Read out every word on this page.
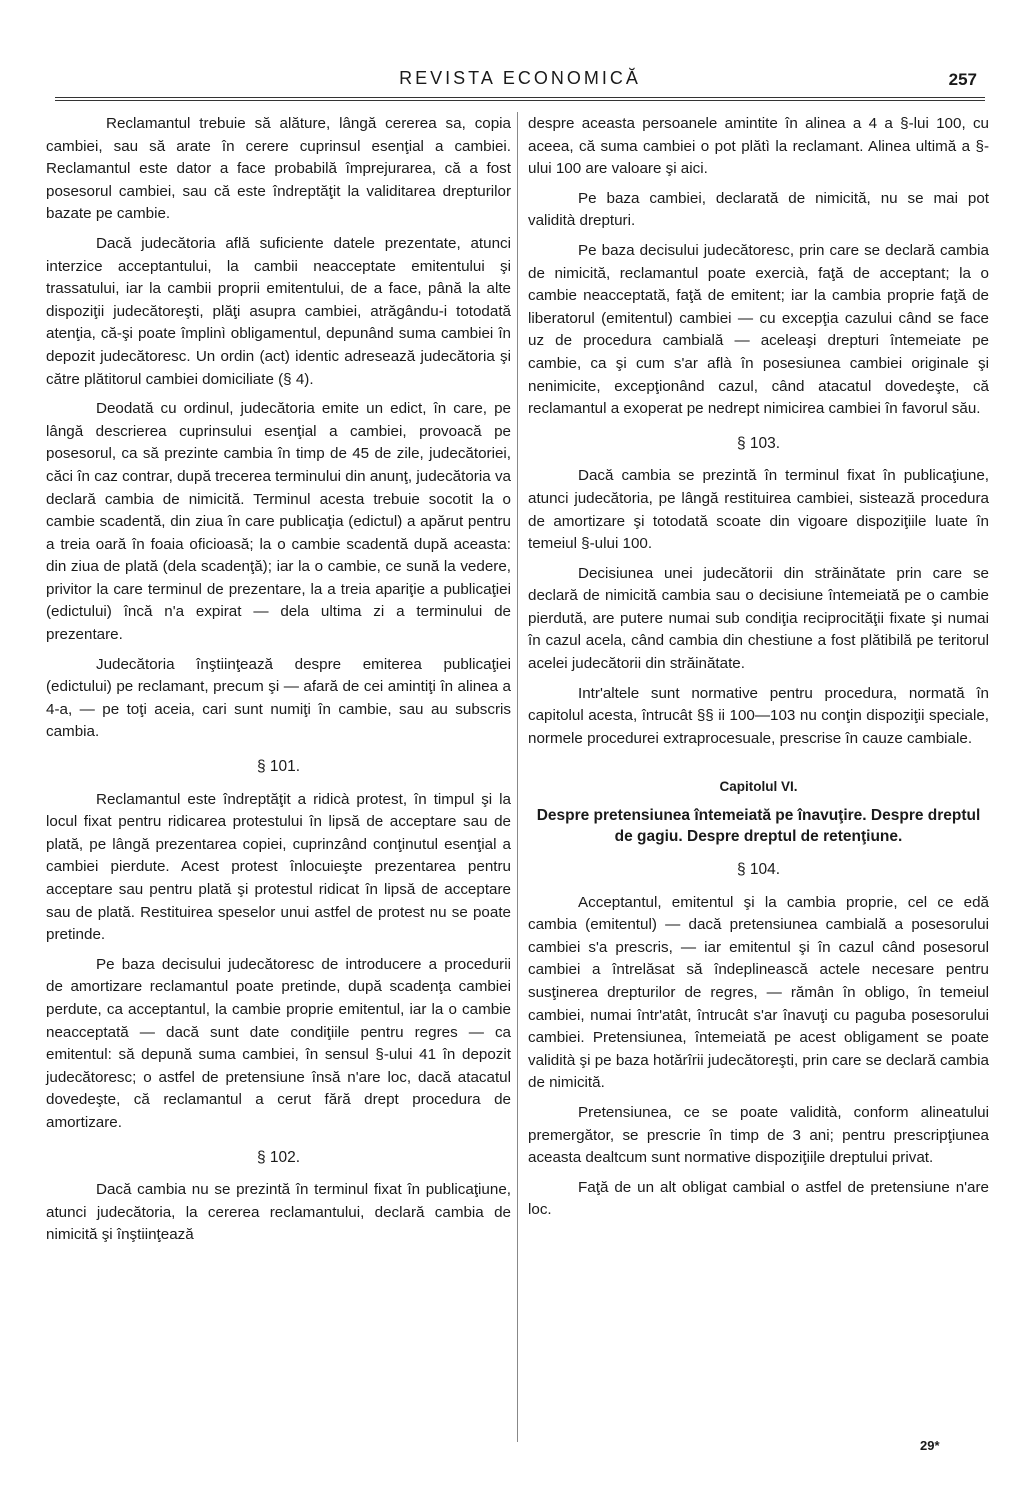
REVISTA ECONOMICĂ	257

Reclamantul trebuie să alăture, lângă cererea sa, copia cambiei, sau să arate în cerere cuprinsul esenţial a cambiei. Reclamantul este dator a face probabilă împrejurarea, că a fost posesorul cambiei, sau că este îndreptăţit la validitarea drepturilor bazate pe cambie.

Dacă judecătoria află suficiente datele prezentate, atunci interzice acceptantului, la cambii neacceptate emitentului şi trassatului, iar la cambii proprii emitentului, de a face, până la alte dispoziţii judecătoreşti, plăţi asupra cambiei, atrăgându-i totodată atenţia, că-şi poate împlinì obligamentul, depunând suma cambiei în depozit judecătoresc. Un ordin (act) identic adresează judecătoria şi către plătitorul cambiei domiciliate (§ 4).

Deodată cu ordinul, judecătoria emite un edict, în care, pe lângă descrierea cuprinsului esenţial a cambiei, provoacă pe posesorul, ca să prezinte cambia în timp de 45 de zile, judecătoriei, căci în caz contrar, după trecerea terminului din anunţ, judecătoria va declară cambia de nimicită. Terminul acesta trebuie socotit la o cambie scadentă, din ziua în care publicaţia (edictul) a apărut pentru a treia oară în foaia oficioasă; la o cambie scadentă după aceasta: din ziua de plată (dela scadenţă); iar la o cambie, ce sună la vedere, privitor la care terminul de prezentare, la a treia apariţie a publicaţiei (edictului) încă n'a expirat — dela ultima zi a terminului de prezentare.

Judecătoria înştiinţează despre emiterea publicaţiei (edictului) pe reclamant, precum şi — afară de cei amintiţi în alinea a 4-a, — pe toţi aceia, cari sunt numiţi în cambie, sau au subscris cambia.

§ 101.

Reclamantul este îndreptăţit a ridicà protest, în timpul şi la locul fixat pentru ridicarea protestului în lipsă de acceptare sau de plată, pe lângă prezentarea copiei, cuprinzând conţinutul esenţial a cambiei pierdute. Acest protest înlocuieşte prezentarea pentru acceptare sau pentru plată şi protestul ridicat în lipsă de acceptare sau de plată. Restituirea speselor unui astfel de protest nu se poate pretinde.

Pe baza decisului judecătoresc de introducere a procedurii de amortizare reclamantul poate pretinde, după scadenţa cambiei perdute, ca acceptantul, la cambie proprie emitentul, iar la o cambie neacceptată — dacă sunt date condiţiile pentru regres — ca emitentul: să depună suma cambiei, în sensul §-ului 41 în depozit judecătoresc; o astfel de pretensiune însă n'are loc, dacă atacatul dovedeşte, că reclamantul a cerut fără drept procedura de amortizare.

§ 102.

Dacă cambia nu se prezintă în terminul fixat în publicaţiune, atunci judecătoria, la cererea reclamantului, declară cambia de nimicită şi înştiinţează

despre aceasta persoanele amintite în alinea a 4 a §-lui 100, cu aceea, că suma cambiei o pot plătì la reclamant. Alinea ultimă a §-ului 100 are valoare şi aici.

Pe baza cambiei, declarată de nimicită, nu se mai pot validità drepturi.

Pe baza decisului judecătoresc, prin care se declară cambia de nimicită, reclamantul poate exercià, faţă de acceptant; la o cambie neacceptată, faţă de emitent; iar la cambia proprie faţă de liberatorul (emitentul) cambiei — cu excepţia cazului când se face uz de procedura cambială — aceleaşi drepturi întemeiate pe cambie, ca şi cum s'ar aflà în posesiunea cambiei originale şi nenimicite, excepţionând cazul, când atacatul dovedeşte, că reclamantul a exoperat pe nedrept nimicirea cambiei în favorul său.

§ 103.

Dacă cambia se prezintă în terminul fixat în publicaţiune, atunci judecătoria, pe lângă restituirea cambiei, sistează procedura de amortizare şi totodată scoate din vigoare dispoziţiile luate în temeiul §-ului 100.

Decisiunea unei judecătorii din străinătate prin care se declară de nimicită cambia sau o decisiune întemeiată pe o cambie pierdută, are putere numai sub condiţia reciprocităţii fixate şi numai în cazul acela, când cambia din chestiune a fost plătibilă pe teritorul acelei judecătorii din străinătate.

Intr'altele sunt normative pentru procedura, normată în capitolul acesta, întrucât §§ ii 100—103 nu conţin dispoziţii speciale, normele procedurei extraprocesuale, prescrise în cauze cambiale.

Capitolul VI.
Despre pretensiunea întemeiată pe înavuţire. Despre dreptul de gagiu. Despre dreptul de retenţiune.
§ 104.

Acceptantul, emitentul şi la cambia proprie, cel ce edă cambia (emitentul) — dacă pretensiunea cambială a posesorului cambiei s'a prescris, — iar emitentul şi în cazul când posesorul cambiei a întrelăsat să îndeplinească actele necesare pentru susţinerea drepturilor de regres, — rămân în obligo, în temeiul cambiei, numai într'atât, întrucât s'ar înavuţi cu paguba posesorului cambiei. Pretensiunea, întemeiată pe acest obligament se poate validità şi pe baza hotărîrii judecătoreşti, prin care se declară cambia de nimicită.

Pretensiunea, ce se poate validità, conform alineatului premergător, se prescrie în timp de 3 ani; pentru prescripţiunea aceasta dealtcum sunt normative dispoziţiile dreptului privat.

Faţă de un alt obligat cambial o astfel de pretensiune n'are loc.

29*
